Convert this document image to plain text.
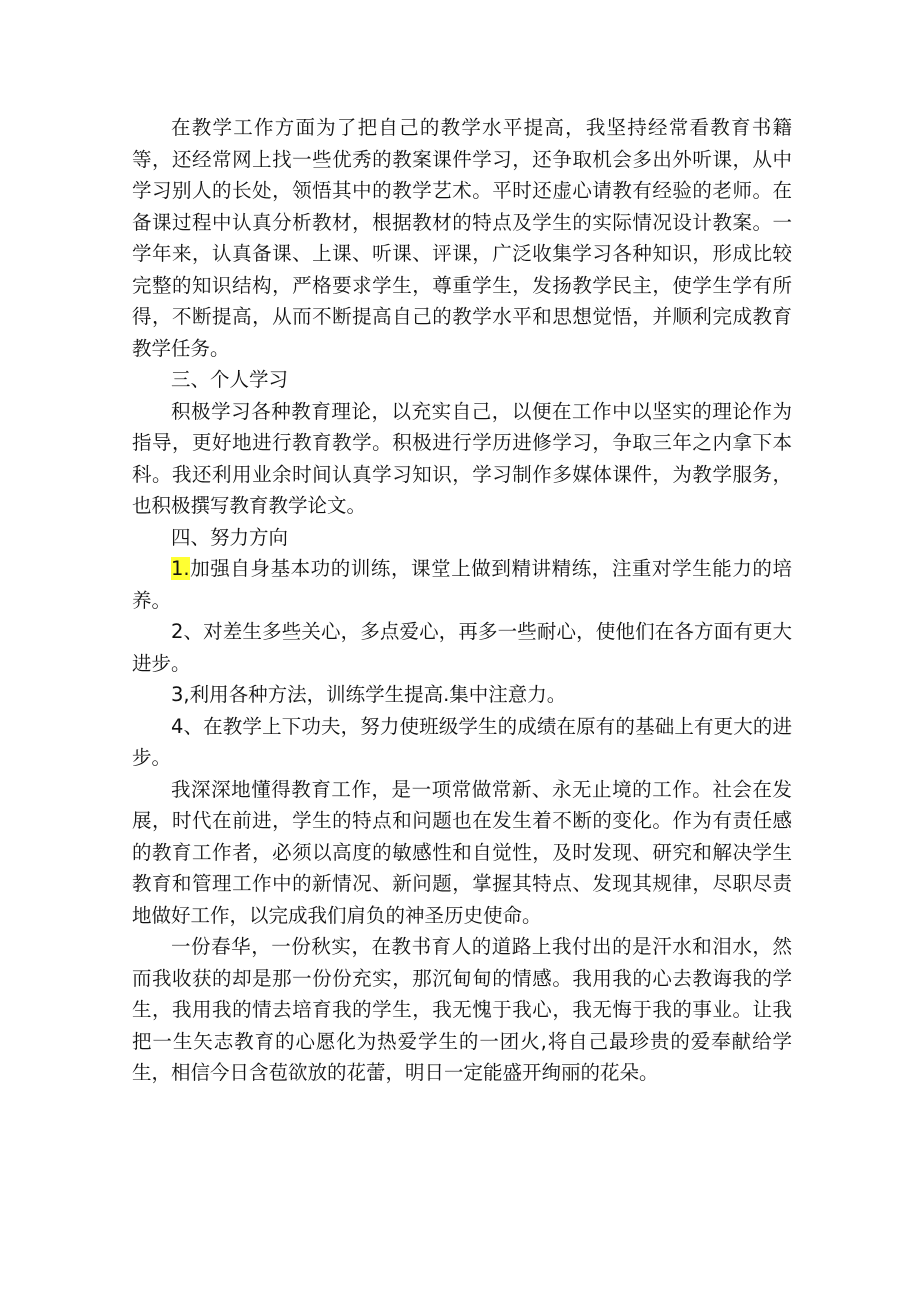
在教学工作方面为了把自己的教学水平提高，我坚持经常看教育书籍等，还经常网上找一些优秀的教案课件学习，还争取机会多出外听课，从中学习别人的长处，领悟其中的教学艺术。平时还虚心请教有经验的老师。在备课过程中认真分析教材，根据教材的特点及学生的实际情况设计教案。一学年来，认真备课、上课、听课、评课，广泛收集学习各种知识，形成比较完整的知识结构，严格要求学生，尊重学生，发扬教学民主，使学生学有所得，不断提高，从而不断提高自己的教学水平和思想觉悟，并顺利完成教育教学任务。

三、个人学习

积极学习各种教育理论，以充实自己，以便在工作中以坚实的理论作为指导，更好地进行教育教学。积极进行学历进修学习，争取三年之内拿下本科。我还利用业余时间认真学习知识，学习制作多媒体课件，为教学服务，也积极撰写教育教学论文。

四、努力方向

1.加强自身基本功的训练，课堂上做到精讲精练，注重对学生能力的培养。

2、对差生多些关心，多点爱心，再多一些耐心，使他们在各方面有更大进步。

3,利用各种方法，训练学生提高.集中注意力。

4、在教学上下功夫，努力使班级学生的成绩在原有的基础上有更大的进步。

我深深地懂得教育工作，是一项常做常新、永无止境的工作。社会在发展，时代在前进，学生的特点和问题也在发生着不断的变化。作为有责任感的教育工作者，必须以高度的敏感性和自觉性，及时发现、研究和解决学生教育和管理工作中的新情况、新问题，掌握其特点、发现其规律，尽职尽责地做好工作，以完成我们肩负的神圣历史使命。

一份春华，一份秋实，在教书育人的道路上我付出的是汗水和泪水，然而我收获的却是那一份份充实，那沉甸甸的情感。我用我的心去教诲我的学生，我用我的情去培育我的学生，我无愧于我心，我无悔于我的事业。让我把一生矢志教育的心愿化为热爱学生的一团火,将自己最珍贵的爱奉献给学生，相信今日含苞欲放的花蕾，明日一定能盛开绚丽的花朵。
